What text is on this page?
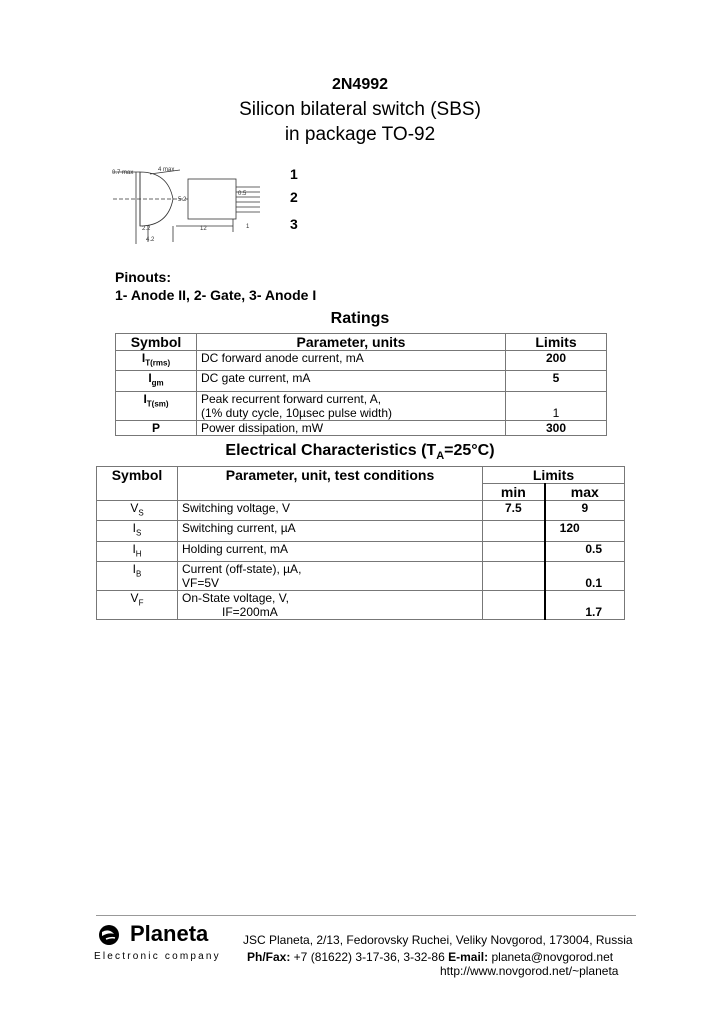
2N4992
Silicon bilateral switch (SBS)
in package TO-92
0.7 max	4 max
5.2
0.5
4.2
2.2	12	1
1
2
3
Pinouts:
1- Anode II, 2- Gate, 3- Anode I
Ratings
Symbol	Parameter, units	Limits
$I_{T(rms)}$	DC forward anode current, mA	200
$I_{gm}$	DC gate current, mA	5
$I_{T(sm)}$	Peak recurrent forward current, A,
(1% duty cycle, 10µsec pulse width)	1
P	Power dissipation, mW	300
Electrical Characteristics $(T_A=25^\circ C)$
Symbol	Parameter, unit, test conditions	Limits	
		min	max
$V_S$	Switching voltage, V	7.5	9
$I_S$	Switching current, µA		120
$I_H$	Holding current, mA		0.5
$I_B$	Current (off-state), µA,
VF=5V		0.1
$V_F$	On-State voltage, V,
IF=200mA		1.7
Planeta
Electronic company
JSC Planeta, 2/13, Fedorovsky Ruchei, Veliky Novgorod, 173004, Russia
Ph/Fax: +7 (81622) 3-17-36, 3-32-86 E-mail: planeta@novgorod.net
http://www.novgorod.net/~planeta
